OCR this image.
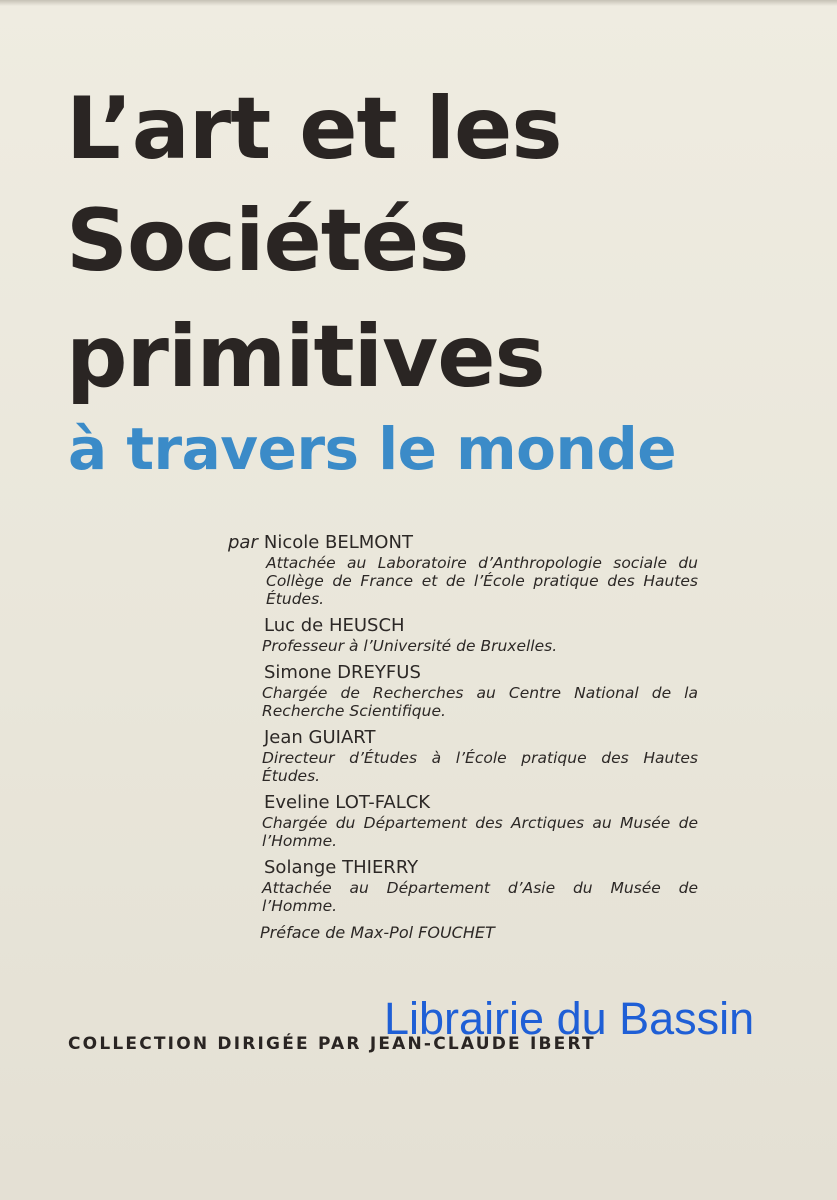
L’art et les
Sociétés
primitives
à travers le monde
par Nicole BELMONT
Attachée au Laboratoire d’Anthropologie sociale du Collège de France et de l’École pratique des Hautes Études.
Luc de HEUSCH
Professeur à l’Université de Bruxelles.
Simone DREYFUS
Chargée de Recherches au Centre National de la Recherche Scientifique.
Jean GUIART
Directeur d’Études à l’École pratique des Hautes Études.
Eveline LOT-FALCK
Chargée du Département des Arctiques au Musée de l’Homme.
Solange THIERRY
Attachée au Département d’Asie du Musée de l’Homme.
Préface de Max-Pol FOUCHET

COLLECTION DIRIGÉE PAR JEAN-CLAUDE IBERT

Librairie du Bassin
